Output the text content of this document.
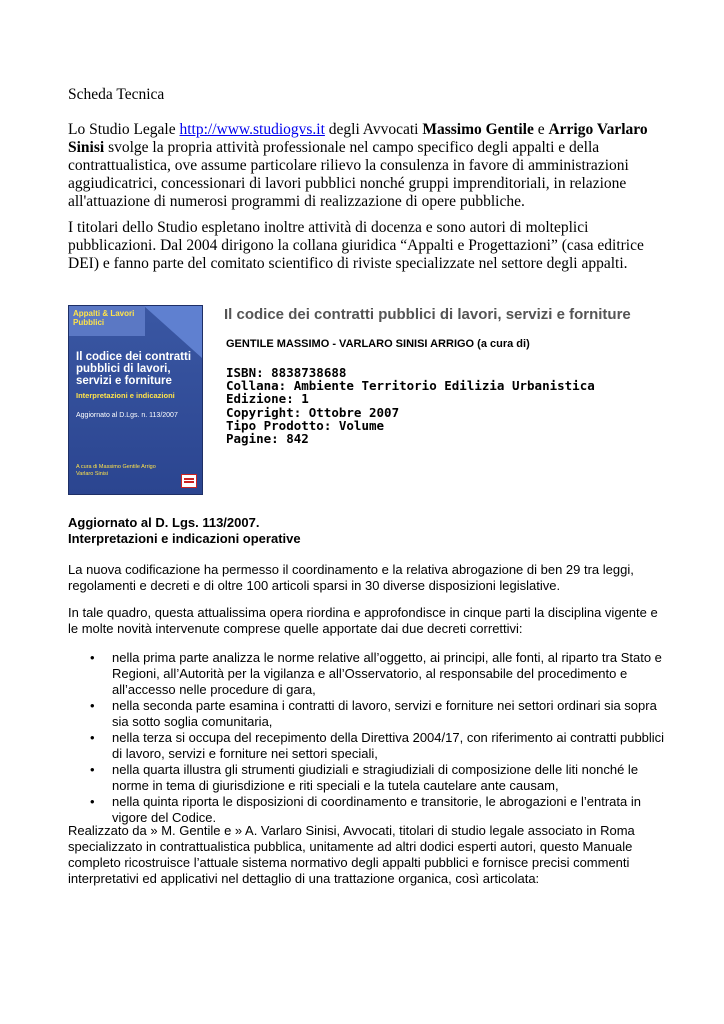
Scheda Tecnica
Lo Studio Legale http://www.studiogvs.it degli Avvocati Massimo Gentile e Arrigo Varlaro Sinisi svolge la propria attività professionale nel campo specifico degli appalti e della contrattualistica, ove assume particolare rilievo la consulenza in favore di amministrazioni aggiudicatrici, concessionari di lavori pubblici nonché gruppi imprenditoriali, in relazione all'attuazione di numerosi programmi di realizzazione di opere pubbliche.
I titolari dello Studio espletano inoltre attività di docenza e sono autori di molteplici pubblicazioni. Dal 2004 dirigono la collana giuridica “Appalti e Progettazioni” (casa editrice DEI) e fanno parte del comitato scientifico di riviste specializzate nel settore degli appalti.
Appalti & Lavori Pubblici
Il codice dei contratti pubblici di lavori, servizi e forniture
Interpretazioni e indicazioni
Aggiornato al D.Lgs. n. 113/2007
A cura di Massimo Gentile Arrigo Varlaro Sinisi
Il codice dei contratti pubblici di lavori, servizi e forniture
GENTILE MASSIMO - VARLARO SINISI ARRIGO (a cura di)
ISBN: 8838738688
Collana: Ambiente Territorio Edilizia Urbanistica
Edizione: 1
Copyright: Ottobre 2007
Tipo Prodotto: Volume
Pagine: 842
Aggiornato al D. Lgs. 113/2007.
Interpretazioni e indicazioni operative
La nuova codificazione ha permesso il coordinamento e la relativa abrogazione di ben 29 tra leggi, regolamenti e decreti e di oltre 100 articoli sparsi in 30 diverse disposizioni legislative.
In tale quadro, questa attualissima opera riordina e approfondisce in cinque parti la disciplina vigente e le molte novità intervenute comprese quelle apportate dai due decreti correttivi:
• nella prima parte analizza le norme relative all’oggetto, ai principi, alle fonti, al riparto tra Stato e Regioni, all’Autorità per la vigilanza e all’Osservatorio, al responsabile del procedimento e all’accesso nelle procedure di gara,
• nella seconda parte esamina i contratti di lavoro, servizi e forniture nei settori ordinari sia sopra sia sotto soglia comunitaria,
• nella terza si occupa del recepimento della Direttiva 2004/17, con riferimento ai contratti pubblici di lavoro, servizi e forniture nei settori speciali,
• nella quarta illustra gli strumenti giudiziali e stragiudiziali di composizione delle liti nonché le norme in tema di giurisdizione e riti speciali e la tutela cautelare ante causam,
• nella quinta riporta le disposizioni di coordinamento e transitorie, le abrogazioni e l’entrata in vigore del Codice.
Realizzato da » M. Gentile e » A. Varlaro Sinisi, Avvocati, titolari di studio legale associato in Roma specializzato in contrattualistica pubblica, unitamente ad altri dodici esperti autori, questo Manuale completo ricostruisce l’attuale sistema normativo degli appalti pubblici e fornisce precisi commenti interpretativi ed applicativi nel dettaglio di una trattazione organica, così articolata:
